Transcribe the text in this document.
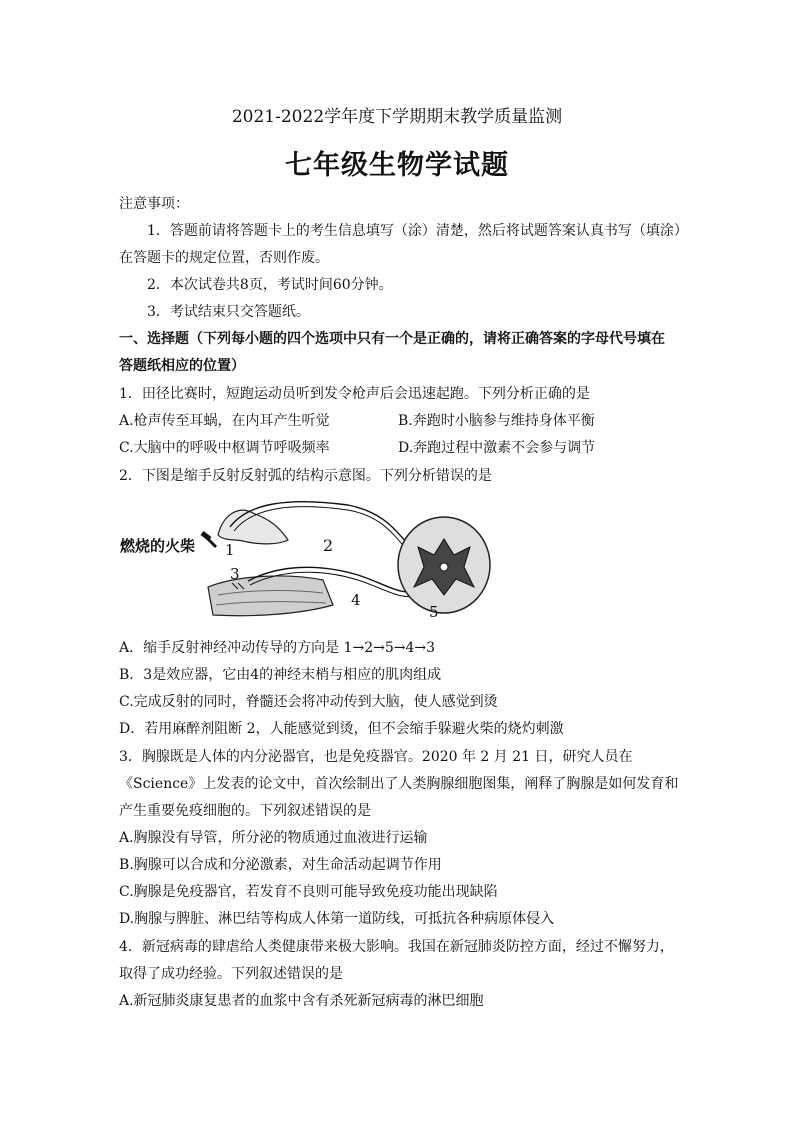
2021-2022学年度下学期期末教学质量监测
七年级生物学试题
注意事项：
1．答题前请将答题卡上的考生信息填写（涂）清楚，然后将试题答案认真书写（填涂）
在答题卡的规定位置，否则作废。
2．本次试卷共8页，考试时间60分钟。
3．考试结束只交答题纸。
一、选择题（下列每小题的四个选项中只有一个是正确的，请将正确答案的字母代号填在
答题纸相应的位置）
1．田径比赛时，短跑运动员听到发令枪声后会迅速起跑。下列分析正确的是
A.枪声传至耳蜗，在内耳产生听觉	B.奔跑时小脑参与维持身体平衡
C.大脑中的呼吸中枢调节呼吸频率	D.奔跑过程中激素不会参与调节
2．下图是缩手反射反射弧的结构示意图。下列分析错误的是
燃烧的火柴 1	2
3
4
5
A．缩手反射神经冲动传导的方向是 1→2→5→4→3
B．3是效应器，它由4的神经末梢与相应的肌肉组成
C.完成反射的同时，脊髓还会将冲动传到大脑，使人感觉到烫
D．若用麻醉剂阻断 2，人能感觉到烫，但不会缩手躲避火柴的烧灼刺激
3．胸腺既是人体的内分泌器官，也是免疫器官。2020 年 2 月 21 日，研究人员在
《Science》上发表的论文中，首次绘制出了人类胸腺细胞图集，阐释了胸腺是如何发育和
产生重要免疫细胞的。下列叙述错误的是
A.胸腺没有导管，所分泌的物质通过血液进行运输
B.胸腺可以合成和分泌激素，对生命活动起调节作用
C.胸腺是免疫器官，若发育不良则可能导致免疫功能出现缺陷
D.胸腺与脾脏、淋巴结等构成人体第一道防线，可抵抗各种病原体侵入
4．新冠病毒的肆虐给人类健康带来极大影响。我国在新冠肺炎防控方面，经过不懈努力，
取得了成功经验。下列叙述错误的是
A.新冠肺炎康复患者的血浆中含有杀死新冠病毒的淋巴细胞
